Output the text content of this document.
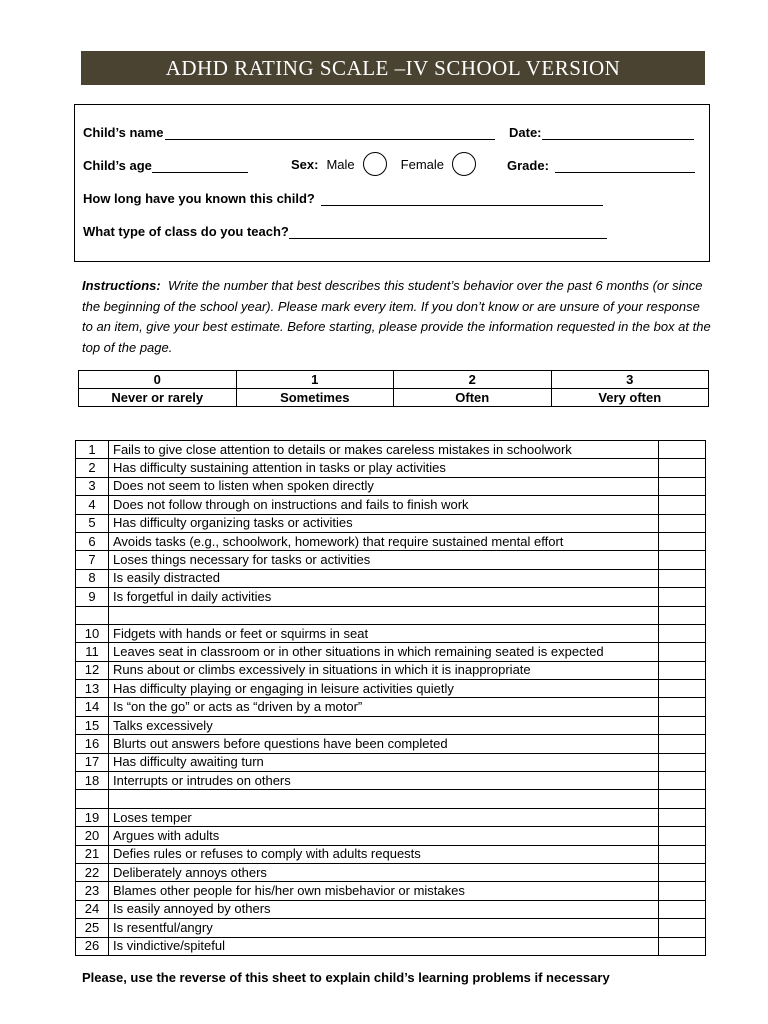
ADHD RATING SCALE –IV SCHOOL VERSION
Child’s name	Date:
Child’s age	Sex: Male	Female	Grade:
How long have you known this child?
What type of class do you teach?
Instructions: Write the number that best describes this student’s behavior over the past 6 months (or since the beginning of the school year). Please mark every item. If you don’t know or are unsure of your response to an item, give your best estimate. Before starting, please provide the information requested in the box at the top of the page.
0	1	2	3
Never or rarely	Sometimes	Often	Very often
1	Fails to give close attention to details or makes careless mistakes in schoolwork	
2	Has difficulty sustaining attention in tasks or play activities	
3	Does not seem to listen when spoken directly	
4	Does not follow through on instructions and fails to finish work	
5	Has difficulty organizing tasks or activities	
6	Avoids tasks (e.g., schoolwork, homework) that require sustained mental effort	
7	Loses things necessary for tasks or activities	
8	Is easily distracted	
9	Is forgetful in daily activities	

10	Fidgets with hands or feet or squirms in seat	
11	Leaves seat in classroom or in other situations in which remaining seated is expected	
12	Runs about or climbs excessively in situations in which it is inappropriate	
13	Has difficulty playing or engaging in leisure activities quietly	
14	Is “on the go” or acts as “driven by a motor”	
15	Talks excessively	
16	Blurts out answers before questions have been completed	
17	Has difficulty awaiting turn	
18	Interrupts or intrudes on others	

19	Loses temper	
20	Argues with adults	
21	Defies rules or refuses to comply with adults requests	
22	Deliberately annoys others	
23	Blames other people for his/her own misbehavior or mistakes	
24	Is easily annoyed by others	
25	Is resentful/angry	
26	Is vindictive/spiteful	
Please, use the reverse of this sheet to explain child’s learning problems if necessary
